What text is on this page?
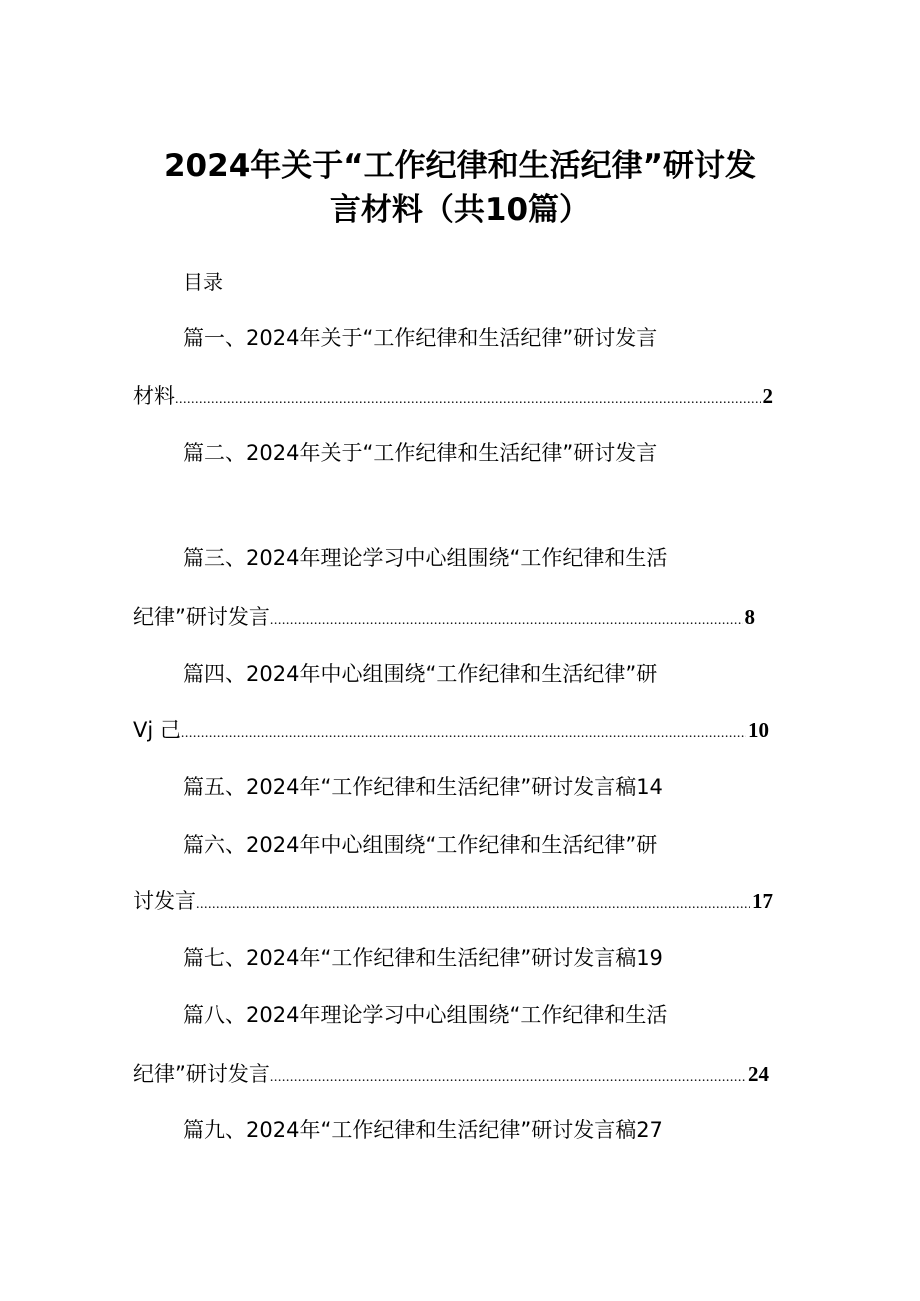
2024年关于“工作纪律和生活纪律”研讨发
言材料（共10篇）
目录
篇一、2024年关于“工作纪律和生活纪律”研讨发言
材料 .....	2
篇二、2024年关于“工作纪律和生活纪律”研讨发言
篇三、2024年理论学习中心组围绕“工作纪律和生活
纪律”研讨发言 .....	8
篇四、2024年中心组围绕“工作纪律和生活纪律”研
Vj 己 .....	10
篇五、2024年“工作纪律和生活纪律”研讨发言稿14
篇六、2024年中心组围绕“工作纪律和生活纪律”研
讨发言 .....	17
篇七、2024年“工作纪律和生活纪律”研讨发言稿19
篇八、2024年理论学习中心组围绕“工作纪律和生活
纪律”研讨发言 .....	24
篇九、2024年“工作纪律和生活纪律”研讨发言稿27
